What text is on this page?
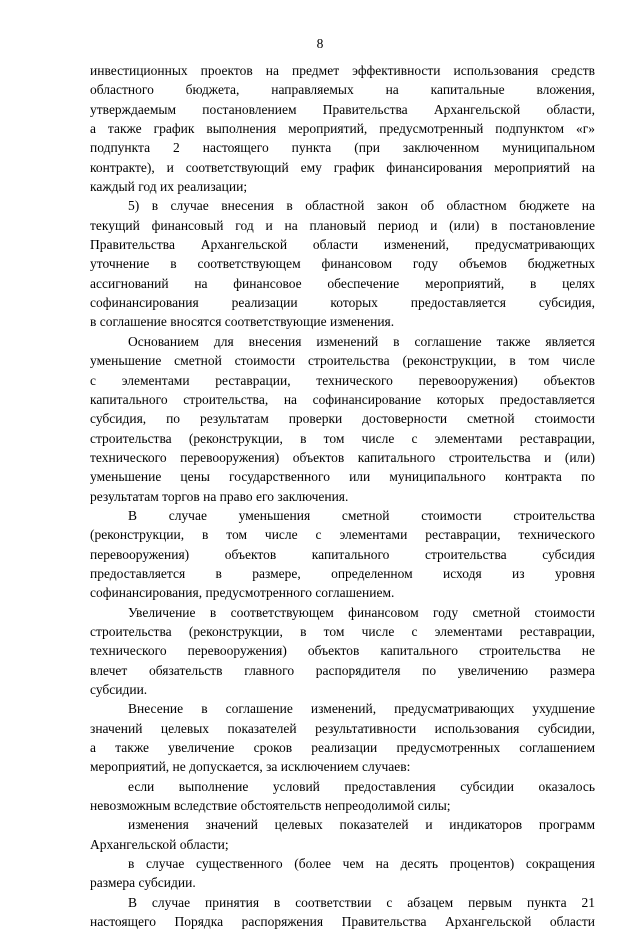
8
инвестиционных проектов на предмет эффективности использования средств
областного бюджета, направляемых на капитальные вложения,
утверждаемым постановлением Правительства Архангельской области,
а также график выполнения мероприятий, предусмотренный подпунктом «г»
подпункта 2 настоящего пункта (при заключенном муниципальном
контракте), и соответствующий ему график финансирования мероприятий на
каждый год их реализации;
5) в случае внесения в областной закон об областном бюджете на
текущий финансовый год и на плановый период и (или) в постановление
Правительства Архангельской области изменений, предусматривающих
уточнение в соответствующем финансовом году объемов бюджетных
ассигнований на финансовое обеспечение мероприятий, в целях
софинансирования реализации которых предоставляется субсидия,
в соглашение вносятся соответствующие изменения.
Основанием для внесения изменений в соглашение также является
уменьшение сметной стоимости строительства (реконструкции, в том числе
с элементами реставрации, технического перевооружения) объектов
капитального строительства, на софинансирование которых предоставляется
субсидия, по результатам проверки достоверности сметной стоимости
строительства (реконструкции, в том числе с элементами реставрации,
технического перевооружения) объектов капитального строительства и (или)
уменьшение цены государственного или муниципального контракта по
результатам торгов на право его заключения.
В случае уменьшения сметной стоимости строительства
(реконструкции, в том числе с элементами реставрации, технического
перевооружения) объектов капитального строительства субсидия
предоставляется в размере, определенном исходя из уровня
софинансирования, предусмотренного соглашением.
Увеличение в соответствующем финансовом году сметной стоимости
строительства (реконструкции, в том числе с элементами реставрации,
технического перевооружения) объектов капитального строительства не
влечет обязательств главного распорядителя по увеличению размера
субсидии.
Внесение в соглашение изменений, предусматривающих ухудшение
значений целевых показателей результативности использования субсидии,
а также увеличение сроков реализации предусмотренных соглашением
мероприятий, не допускается, за исключением случаев:
если выполнение условий предоставления субсидии оказалось
невозможным вследствие обстоятельств непреодолимой силы;
изменения значений целевых показателей и индикаторов программ
Архангельской области;
в случае существенного (более чем на десять процентов) сокращения
размера субсидии.
В случае принятия в соответствии с абзацем первым пункта 21
настоящего Порядка распоряжения Правительства Архангельской области
